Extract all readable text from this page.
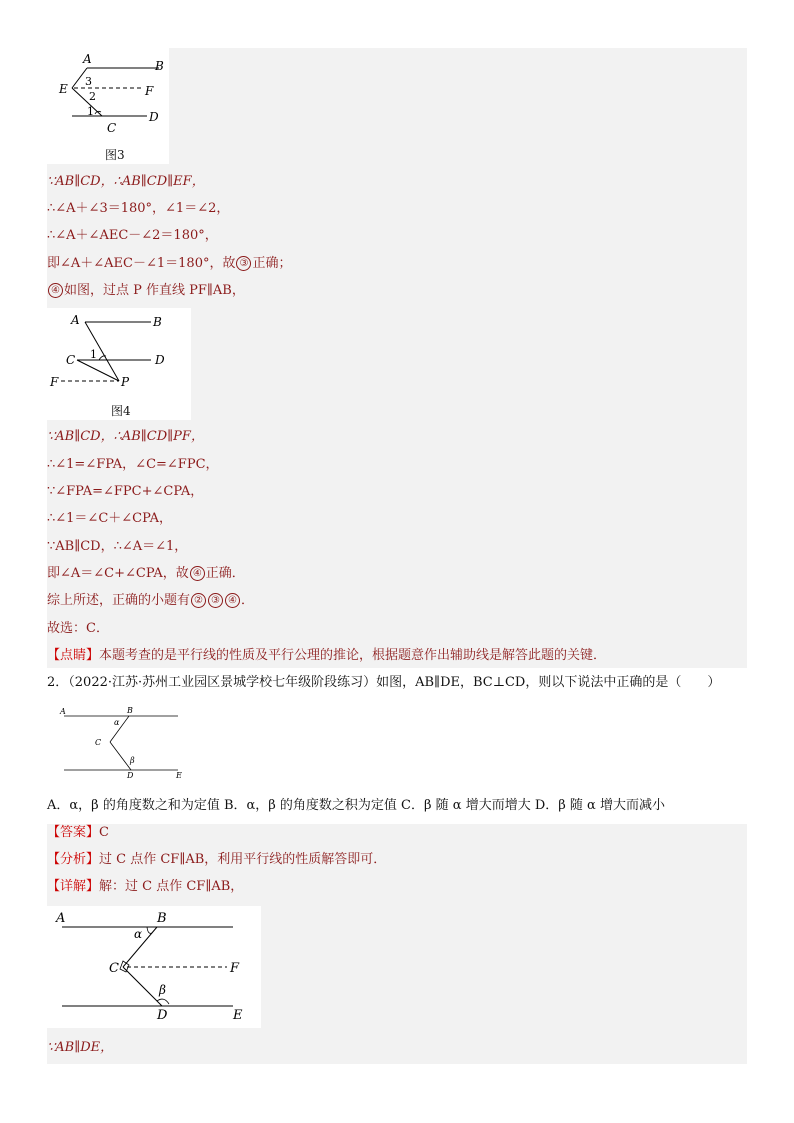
A	B
E	F
C
D
3
2
1
图3
∵AB∥CD，∴AB∥CD∥EF，
∴∠A＋∠3＝180°，∠1＝∠2，
∴∠A＋∠AEC－∠2＝180°，
即∠A＋∠AEC－∠1＝180°，故 ③ 正确；
④ 如图，过点 P 作直线 PF∥AB，
A	B
C	D
F	P
1
图4
∵AB∥CD，∴AB∥CD∥PF，
∴∠1=∠FPA，∠C=∠FPC，
∵∠FPA=∠FPC+∠CPA，
∴∠1＝∠C＋∠CPA，
∵AB∥CD，∴∠A＝∠1，
即∠A＝∠C+∠CPA，故 ④ 正确．
综上所述，正确的小题有 ② ③ ④ ．
故选：C．
【点睛】本题考查的是平行线的性质及平行公理的推论，根据题意作出辅助线是解答此题的关键．
2．（2022·江苏·苏州工业园区景城学校七年级阶段练习）如图，AB∥DE，BC⊥CD，则以下说法中正确的是（　　）
A	B
C
D	E
α
β
A．α，β 的角度数之和为定值 B．α，β 的角度数之积为定值 C．β 随 α 增大而增大 D．β 随 α 增大而减小
【答案】C
【分析】过 C 点作 CF∥AB，利用平行线的性质解答即可．
【详解】解：过 C 点作 CF∥AB，
A	B
C
D	E
F
α
β
∵AB∥DE，
